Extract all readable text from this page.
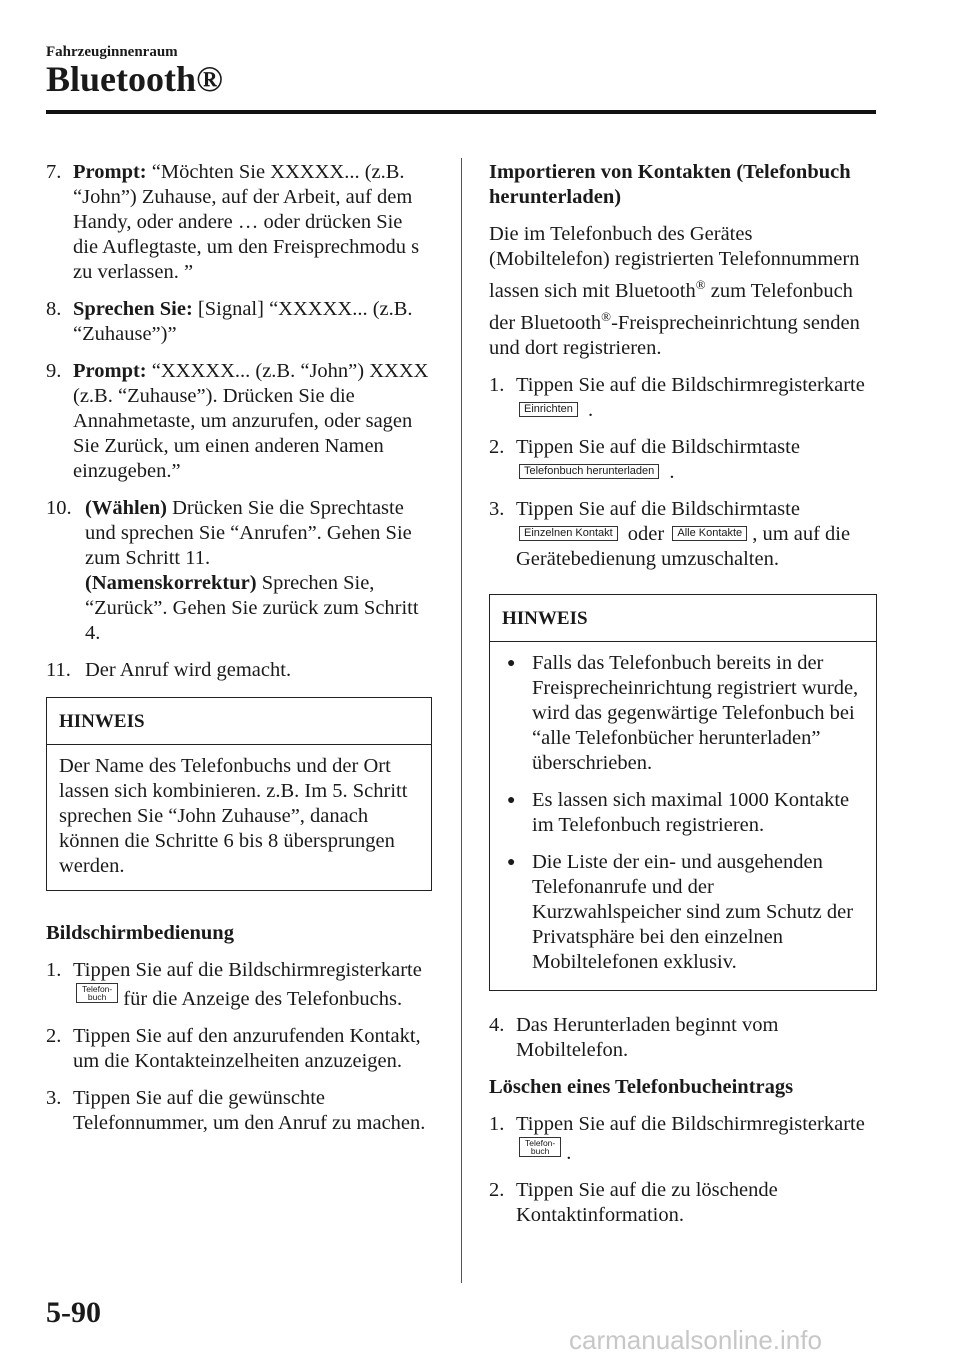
Fahrzeuginnenraum
Bluetooth®
7. Prompt: “Möchten Sie XXXXX... (z.B. “John”) Zuhause, auf der Arbeit, auf dem Handy, oder andere … oder drücken Sie die Auflegtaste, um den Freisprechmodu s zu verlassen. ”
8. Sprechen Sie: [Signal] “XXXXX... (z.B. “Zuhause”)”
9. Prompt: “XXXXX... (z.B. “John”) XXXX (z.B. “Zuhause”). Drücken Sie die Annahmetaste, um anzurufen, oder sagen Sie Zurück, um einen anderen Namen einzugeben.”
10. (Wählen) Drücken Sie die Sprechtaste und sprechen Sie “Anrufen”. Gehen Sie zum Schritt 11.
(Namenskorrektur) Sprechen Sie, “Zurück”. Gehen Sie zurück zum Schritt 4.
11. Der Anruf wird gemacht.
HINWEIS
Der Name des Telefonbuchs und der Ort lassen sich kombinieren. z.B. Im 5. Schritt sprechen Sie “John Zuhause”, danach können die Schritte 6 bis 8 übersprungen werden.
Bildschirmbedienung
1. Tippen Sie auf die BildschirmregisterkarteTelefon-
buch für die Anzeige des Telefonbuchs.
2. Tippen Sie auf den anzurufenden Kontakt, um die Kontakteinzelheiten anzuzeigen.
3. Tippen Sie auf die gewünschte Telefonnummer, um den Anruf zu machen.
Importieren von Kontakten (Telefonbuch herunterladen)

Die im Telefonbuch des Gerätes (Mobiltelefon) registrierten Telefonnummern lassen sich mit Bluetooth® zum Telefonbuch der Bluetooth®-Freisprecheinrichtung senden und dort registrieren.

1. Tippen Sie auf die Bildschirmregisterkarte Einrichten .
2. Tippen Sie auf die Bildschirmtaste
Telefonbuch herunterladen .
3. Tippen Sie auf die Bildschirmtaste
Einzelnen Kontakt oder Alle Kontakte , um auf die Gerätebedienung umzuschalten.
HINWEIS
● Falls das Telefonbuch bereits in der Freisprecheinrichtung registriert wurde, wird das gegenwärtige Telefonbuch bei “alle Telefonbücher herunterladen” überschrieben.
● Es lassen sich maximal 1000 Kontakte im Telefonbuch registrieren.
● Die Liste der ein- und ausgehenden Telefonanrufe und der Kurzwahlspeicher sind zum Schutz der Privatsphäre bei den einzelnen Mobiltelefonen exklusiv.
4. Das Herunterladen beginnt vom Mobiltelefon.
Löschen eines Telefonbucheintrags
1. Tippen Sie auf die BildschirmregisterkarteTelefon-
buch .
2. Tippen Sie auf die zu löschende Kontaktinformation.
5-90
carmanualsonline.info
